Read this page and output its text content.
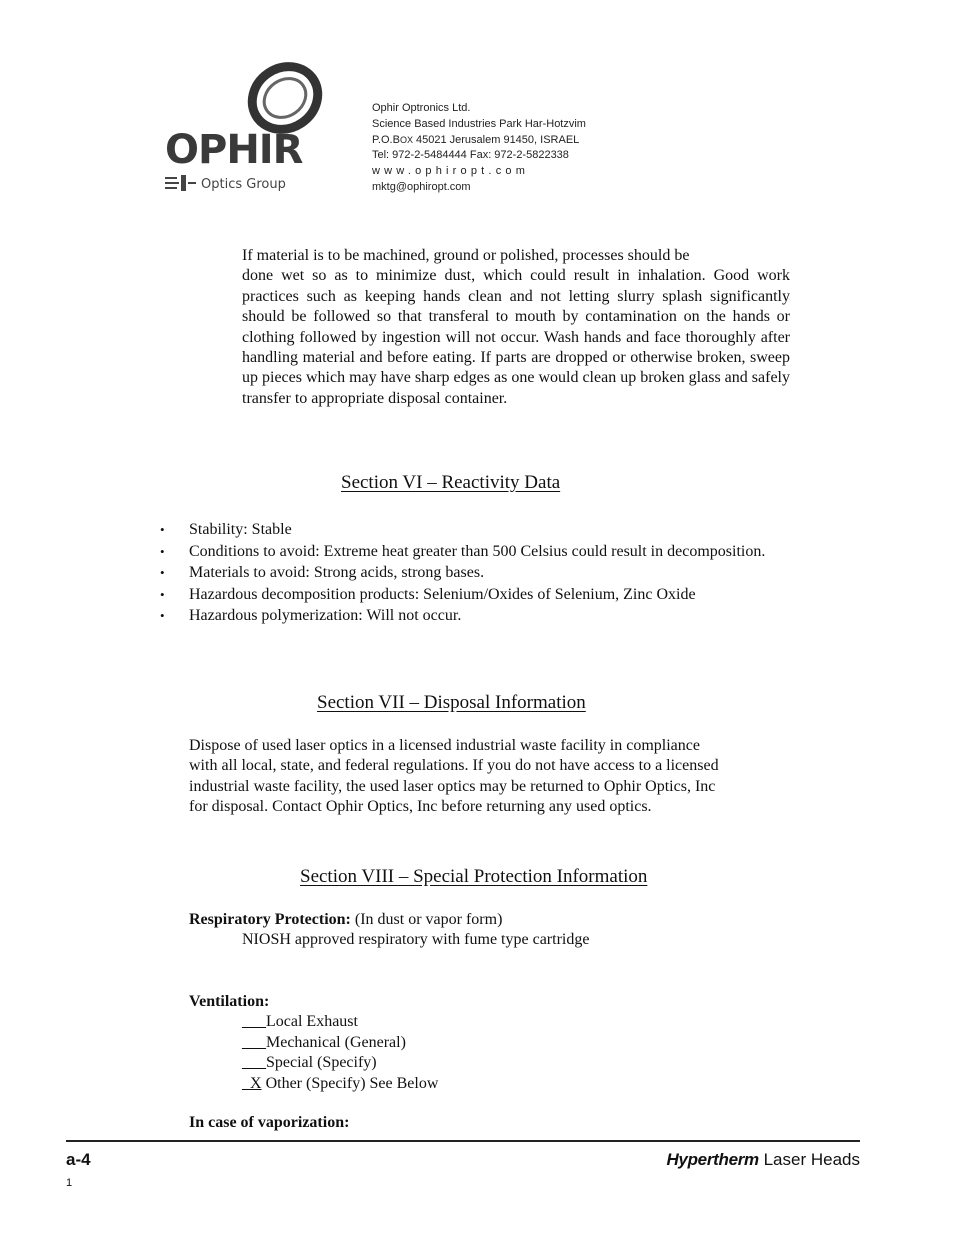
OPHIR
Optics Group
Ophir Optronics Ltd.
Science Based Industries Park Har-Hotzvim
P.O.BOX 45021 Jerusalem 91450, ISRAEL
Tel: 972-2-5484444 Fax: 972-2-5822338
www.ophiropt.com
mktg@ophiropt.com
If material is to be machined, ground or polished, processes should be
done wet so as to minimize dust, which could result in inhalation. Good work practices such as keeping hands clean and not letting slurry splash significantly should be followed so that transferal to mouth by contamination on the hands or clothing followed by ingestion will not occur. Wash hands and face thoroughly after handling material and before eating. If parts are dropped or otherwise broken, sweep up pieces which may have sharp edges as one would clean up broken glass and safely transfer to appropriate disposal container.
Section VI – Reactivity Data
• Stability: Stable
• Conditions to avoid: Extreme heat greater than 500 Celsius could result in decomposition.
• Materials to avoid: Strong acids, strong bases.
• Hazardous decomposition products: Selenium/Oxides of Selenium, Zinc Oxide
• Hazardous polymerization: Will not occur.
Section VII – Disposal Information
Dispose of used laser optics in a licensed industrial waste facility in compliance
with all local, state, and federal regulations. If you do not have access to a licensed
industrial waste facility, the used laser optics may be returned to Ophir Optics, Inc
for disposal. Contact Ophir Optics, Inc before returning any used optics.
Section VIII – Special Protection Information
Respiratory Protection: (In dust or vapor form)
NIOSH approved respiratory with fume type cartridge
Ventilation:
___Local Exhaust
___Mechanical (General)
___Special (Specify)
_X Other (Specify) See Below
In case of vaporization:
a-4	Hypertherm Laser Heads
1
